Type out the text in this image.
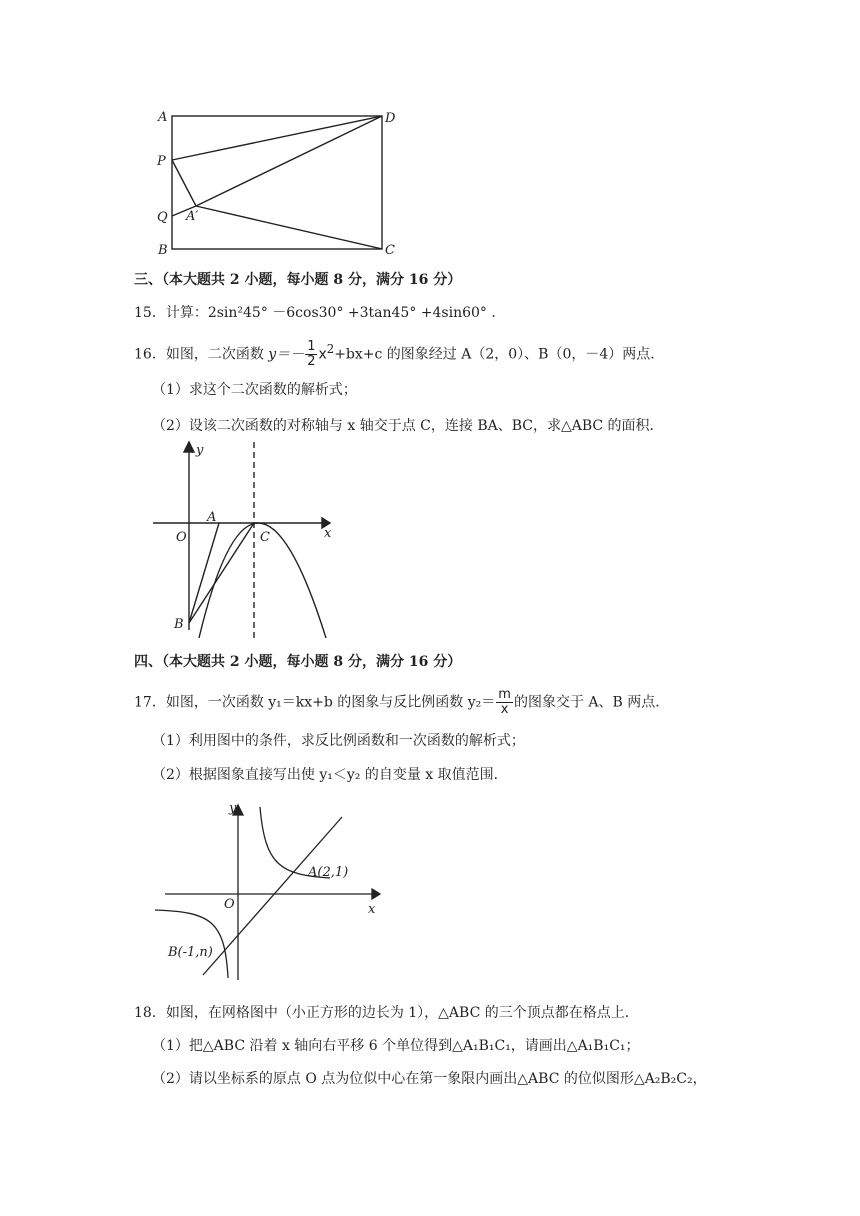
A	D
P
Q A′
B	C
三、（本大题共 2 小题，每小题 8 分，满分 16 分）
15．计算：2sin²45° －6cos30° +3tan45° +4sin60° ．
16．如图，二次函数 $y=- \frac{1}{2} x^2+bx+c$ 的图象经过 A（2，0）、B（0，－4）两点．
（1）求这个二次函数的解析式；
（2）设该二次函数的对称轴与 x 轴交于点 C，连接 BA、BC，求△ABC 的面积．
y
x
O
A
C
B
四、（本大题共 2 小题，每小题 8 分，满分 16 分）
17．如图，一次函数 y₁＝kx+b 的图象与反比例函数 $y_2= \frac{m}{x}$ 的图象交于 A、B 两点．
（1）利用图中的条件，求反比例函数和一次函数的解析式；
（2）根据图象直接写出使 y₁＜y₂ 的自变量 x 取值范围．
y
x
O
A(2,1)
B(-1,n)
18．如图，在网格图中（小正方形的边长为 1），△ABC 的三个顶点都在格点上．
（1）把△ABC 沿着 x 轴向右平移 6 个单位得到△A₁B₁C₁，请画出△A₁B₁C₁；
（2）请以坐标系的原点 O 点为位似中心在第一象限内画出△ABC 的位似图形△A₂B₂C₂，
